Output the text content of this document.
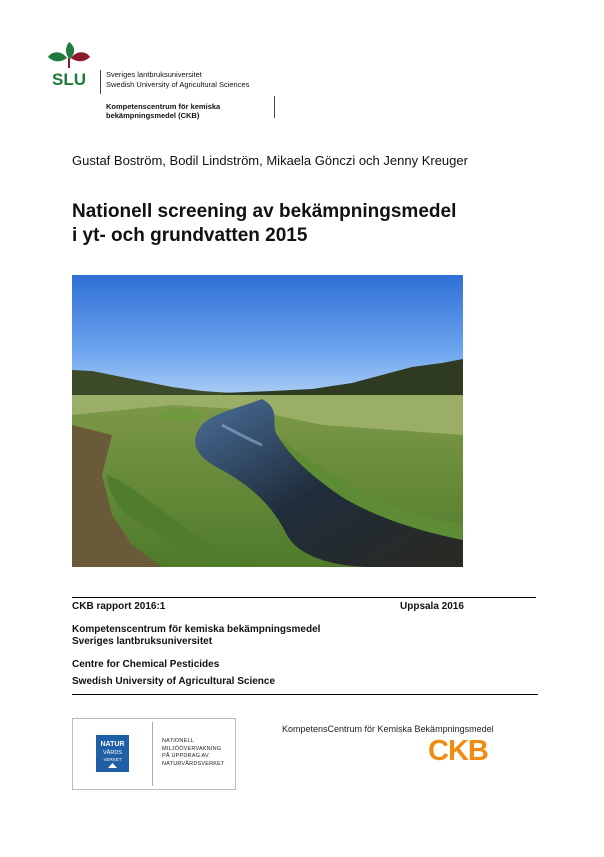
SLU	Sveriges lantbruksuniversitet
Swedish University of Agricultural Sciences
Kompetenscentrum för kemiska
bekämpningsmedel (CKB)
Gustaf Boström, Bodil Lindström, Mikaela Gönczi och Jenny Kreuger
Nationell screening av bekämpningsmedel
i yt- och grundvatten 2015
CKB rapport 2016:1	Uppsala 2016
Kompetenscentrum för kemiska bekämpningsmedel
Sveriges lantbruksuniversitet
Centre for Chemical Pesticides
Swedish University of Agricultural Science
NATUR
VÅRDS
VERKET
NATIONELL
MILJÖÖVERVAKNING
PÅ UPPDRAG AV
NATURVÅRDSVERKET
KompetensCentrum för Kemiska Bekämpningsmedel
CKB
